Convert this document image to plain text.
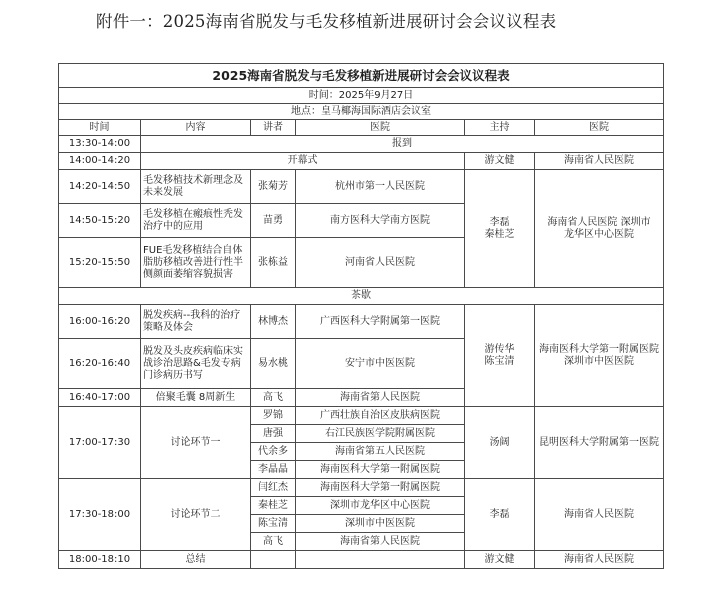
附件一：2025海南省脱发与毛发移植新进展研讨会会议议程表
2025海南省脱发与毛发移植新进展研讨会会议议程表					
时间：2025年9月27日					
地点：皇马椰海国际酒店会议室					
时间	内容	讲者	医院	主持	医院
13:30-14:00	报到				
14:00-14:20	开幕式			游文健	海南省人民医院
14:20-14:50	毛发移植技术新理念及未来发展	张菊芳	杭州市第一人民医院	李磊 秦桂芝	海南省人民医院 深圳市龙华区中心医院
14:50-15:20	毛发移植在瘢痕性秃发治疗中的应用	苗勇	南方医科大学南方医院		
15:20-15:50	FUE毛发移植结合自体脂肪移植改善进行性半侧颜面萎缩容貌损害	张栋益	河南省人民医院		
茶歇					
16:00-16:20	脱发疾病--我科的治疗策略及体会	林博杰	广西医科大学附属第一医院	游传华 陈宝清	海南医科大学第一附属医院 深圳市中医医院
16:20-16:40	脱发及头皮疾病临床实战诊治思路&毛发专病门诊病历书写	易水桃	安宁市中医医院		
16:40-17:00	倍聚毛囊 8周新生	高飞	海南省第人民医院		
17:00-17:30	讨论环节一	罗锦	广西壮族自治区皮肤病医院	汤阔	昆明医科大学附属第一医院
		唐强	右江民族医学院附属医院		
		代余多	海南省第五人民医院		
		李晶晶	海南医科大学第一附属医院		
17:30-18:00	讨论环节二	闫红杰	海南医科大学第一附属医院	李磊	海南省人民医院
		秦桂芝	深圳市龙华区中心医院		
		陈宝清	深圳市中医医院		
		高飞	海南省第人民医院		
18:00-18:10	总结			游文健	海南省人民医院
